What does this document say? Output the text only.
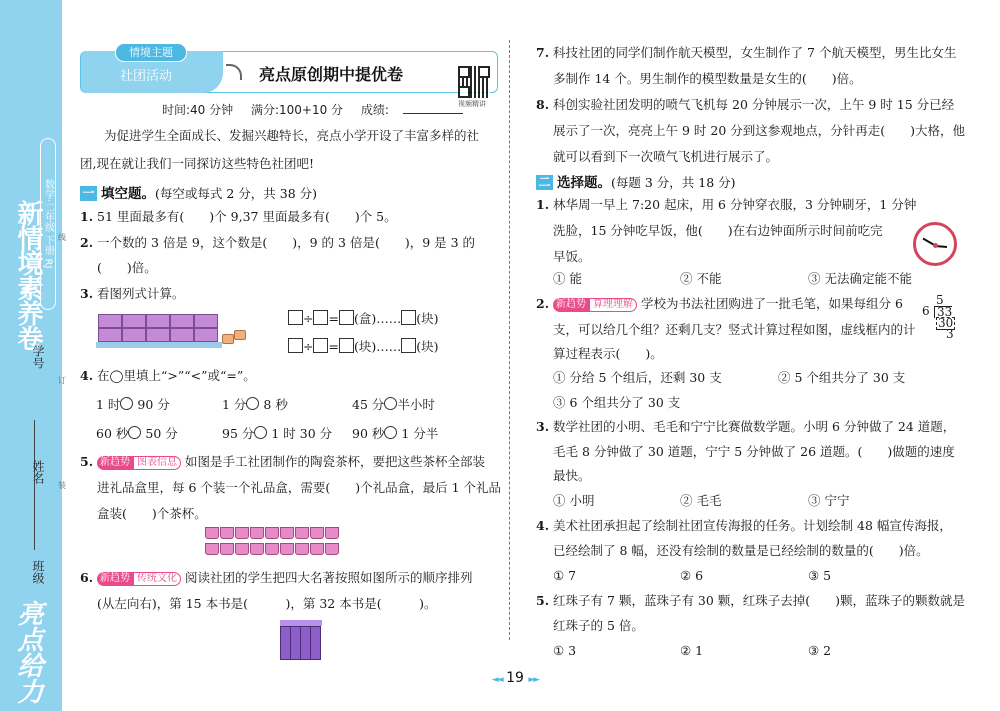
新情境素养卷 数学·二年级 下册 RJ
亮点给力
班级
姓名
学号
线
订
装
情境主题
社团活动	亮点原创期中提优卷
视频精讲
时间:40 分钟 满分:100+10 分 成绩:
为促进学生全面成长、发掘兴趣特长，亮点小学开设了丰富多样的社
团,现在就让我们一同探访这些特色社团吧!
一 填空题。(每空或每式 2 分，共 38 分)
1. 51 里面最多有(　　)个 9,37 里面最多有(　　)个 5。
2. 一个数的 3 倍是 9，这个数是(　　)，9 的 3 倍是(　　)，9 是 3 的
(　　)倍。
3. 看图列式计算。
÷ = (盒)…… (块)
÷ = (块)…… (块)
4. 在◯里填上“>”“<”或“=”。
1 时 90 分	1 分 8 秒	45 分 半小时
60 秒 50 分	95 分 1 时 30 分 90 秒 1 分半
5. 新趋势 图表信息 如图是手工社团制作的陶瓷茶杯，要把这些茶杯全部装
进礼品盒里，每 6 个装一个礼品盒，需要(　　)个礼品盒，最后 1 个礼品
盒装(　　)个茶杯。
6. 新趋势 传统文化 阅读社团的学生把四大名著按照如图所示的顺序排列
(从左向右)，第 15 本书是(　　　)，第 32 本书是(　　　)。
7. 科技社团的同学们制作航天模型，女生制作了 7 个航天模型，男生比女生
多制作 14 个。男生制作的模型数量是女生的(　　)倍。
8. 科创实验社团发明的喷气飞机每 20 分钟展示一次，上午 9 时 15 分已经
展示了一次，亮亮上午 9 时 20 分到这参观地点，分针再走(　　)大格，他
就可以看到下一次喷气飞机进行展示了。
二 选择题。(每题 3 分，共 18 分)
1. 林华周一早上 7:20 起床，用 6 分钟穿衣服，3 分钟刷牙，1 分钟
洗脸，15 分钟吃早饭，他(　　)在右边钟面所示时间前吃完
早饭。
① 能	② 不能	③ 无法确定能不能
2. 新趋势 算理理解 学校为书法社团购进了一批毛笔，如果每组分 6
支，可以给几个组？还剩几支？竖式计算过程如图，虚线框内的计
算过程表示(　　)。
5
6 33
30
3
① 分给 5 个组后，还剩 30 支	② 5 个组共分了 30 支
③ 6 个组共分了 30 支
3. 数学社团的小明、毛毛和宁宁比赛做数学题。小明 6 分钟做了 24 道题，
毛毛 8 分钟做了 30 道题，宁宁 5 分钟做了 26 道题。(　　)做题的速度
最快。
① 小明	② 毛毛	③ 宁宁
4. 美术社团承担起了绘制社团宣传海报的任务。计划绘制 48 幅宣传海报，
已经绘制了 8 幅，还没有绘制的数量是已经绘制的数量的(　　)倍。
① 7	② 6	③ 5
5. 红珠子有 7 颗，蓝珠子有 30 颗，红珠子去掉(　　)颗，蓝珠子的颗数就是
红珠子的 5 倍。
① 3	② 1	③ 2
◄◄ 19 ►►
